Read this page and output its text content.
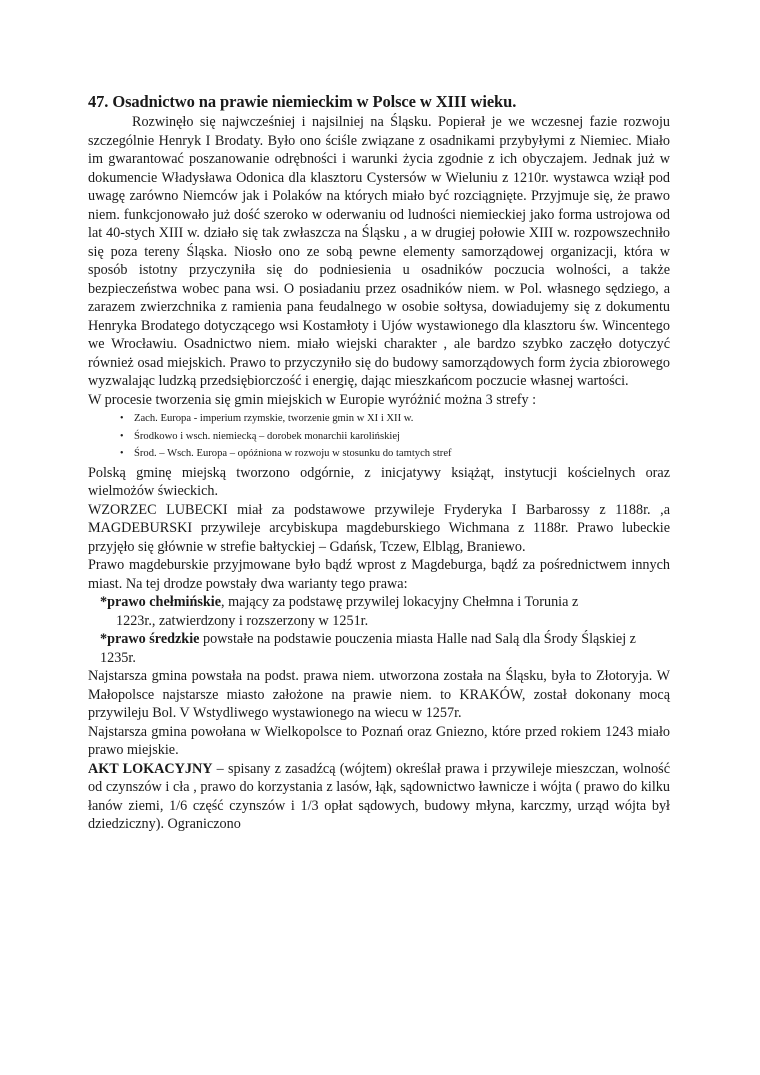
47. Osadnictwo na prawie niemieckim w Polsce w XIII wieku.

Rozwinęło się najwcześniej i najsilniej na Śląsku. Popierał je we wczesnej fazie rozwoju szczególnie Henryk I Brodaty. Było ono ściśle związane z osadnikami przybyłymi z Niemiec. Miało im gwarantować poszanowanie odrębności i warunki życia zgodnie z ich obyczajem. Jednak już w dokumencie Władysława Odonica dla klasztoru Cystersów w Wieluniu z 1210r. wystawca wziął pod uwagę zarówno Niemców jak i Polaków na których miało być rozciągnięte. Przyjmuje się, że prawo niem. funkcjonowało już dość szeroko w oderwaniu od ludności niemieckiej jako forma ustrojowa od lat 40-stych XIII w. działo się tak zwłaszcza na Śląsku , a w drugiej połowie XIII w. rozpowszechniło się poza tereny Śląska. Niosło ono ze sobą pewne elementy samorządowej organizacji, która w sposób istotny przyczyniła się do podniesienia u osadników poczucia wolności, a także bezpieczeństwa wobec pana wsi. O posiadaniu przez osadników niem. w Pol. własnego sędziego, a zarazem zwierzchnika z ramienia pana feudalnego w osobie sołtysa, dowiadujemy się z dokumentu Henryka Brodatego dotyczącego wsi Kostamłoty i Ujów wystawionego dla klasztoru św. Wincentego we Wrocławiu. Osadnictwo niem. miało wiejski charakter , ale bardzo szybko zaczęło dotyczyć również osad miejskich. Prawo to przyczyniło się do budowy samorządowych form życia zbiorowego wyzwalając ludzką przedsiębiorczość i energię, dając mieszkańcom poczucie własnej wartości.

W procesie tworzenia się gmin miejskich w Europie wyróżnić można 3 strefy :

• Zach. Europa - imperium rzymskie, tworzenie gmin w XI i XII w.
• Środkowo i wsch. niemiecką – dorobek monarchii karolińskiej
• Środ. – Wsch. Europa – opóźniona w rozwoju w stosunku do tamtych stref

Polską gminę miejską tworzono odgórnie, z inicjatywy książąt, instytucji kościelnych oraz wielmożów świeckich.

WZORZEC LUBECKI miał za podstawowe przywileje Fryderyka I Barbarossy z 1188r. ,a MAGDEBURSKI przywileje arcybiskupa magdeburskiego Wichmana z 1188r. Prawo lubeckie przyjęło się głównie w strefie bałtyckiej – Gdańsk, Tczew, Elbląg, Braniewo.

Prawo magdeburskie przyjmowane było bądź wprost z Magdeburga, bądź za pośrednictwem innych miast. Na tej drodze powstały dwa warianty tego prawa:

*prawo chełmińskie, mający za podstawę przywilej lokacyjny Chełmna i Torunia z

1223r., zatwierdzony i rozszerzony w 1251r.

*prawo średzkie powstałe na podstawie pouczenia miasta Halle nad Salą dla Środy Śląskiej z 1235r.

Najstarsza gmina powstała na podst. prawa niem. utworzona została na Śląsku, była to Złotoryja. W Małopolsce najstarsze miasto założone na prawie niem. to KRAKÓW, został dokonany mocą przywileju Bol. V Wstydliwego wystawionego na wiecu w 1257r.

Najstarsza gmina powołana w Wielkopolsce to Poznań oraz Gniezno, które przed rokiem 1243 miało prawo miejskie.

AKT LOKACYJNY – spisany z zasadźcą (wójtem) określał prawa i przywileje mieszczan, wolność od czynszów i cła , prawo do korzystania z lasów, łąk, sądownictwo ławnicze i wójta ( prawo do kilku łanów ziemi, 1/6 część czynszów i 1/3 opłat sądowych, budowy młyna, karczmy, urząd wójta był dziedziczny). Ograniczono
